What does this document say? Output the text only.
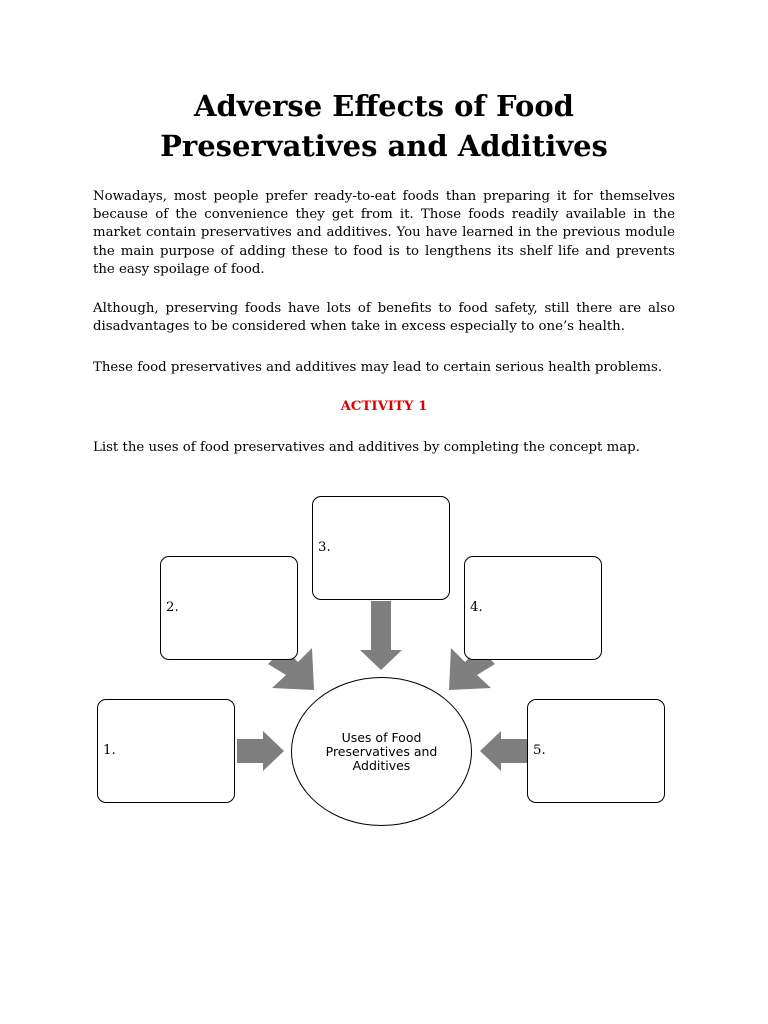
Adverse Effects of Food
Preservatives and Additives

Nowadays, most people prefer ready-to-eat foods than preparing it for themselves because of the convenience they get from it. Those foods readily available in the market contain preservatives and additives. You have learned in the previous module the main purpose of adding these to food is to lengthens its shelf life and prevents the easy spoilage of food.

Although, preserving foods have lots of benefits to food safety, still there are also disadvantages to be considered when take in excess especially to one’s health.

These food preservatives and additives may lead to certain serious health problems.

ACTIVITY 1

List the uses of food preservatives and additives by completing the concept map.

3.
2.	4.
1.	5.
Uses of Food
Preservatives and
Additives
